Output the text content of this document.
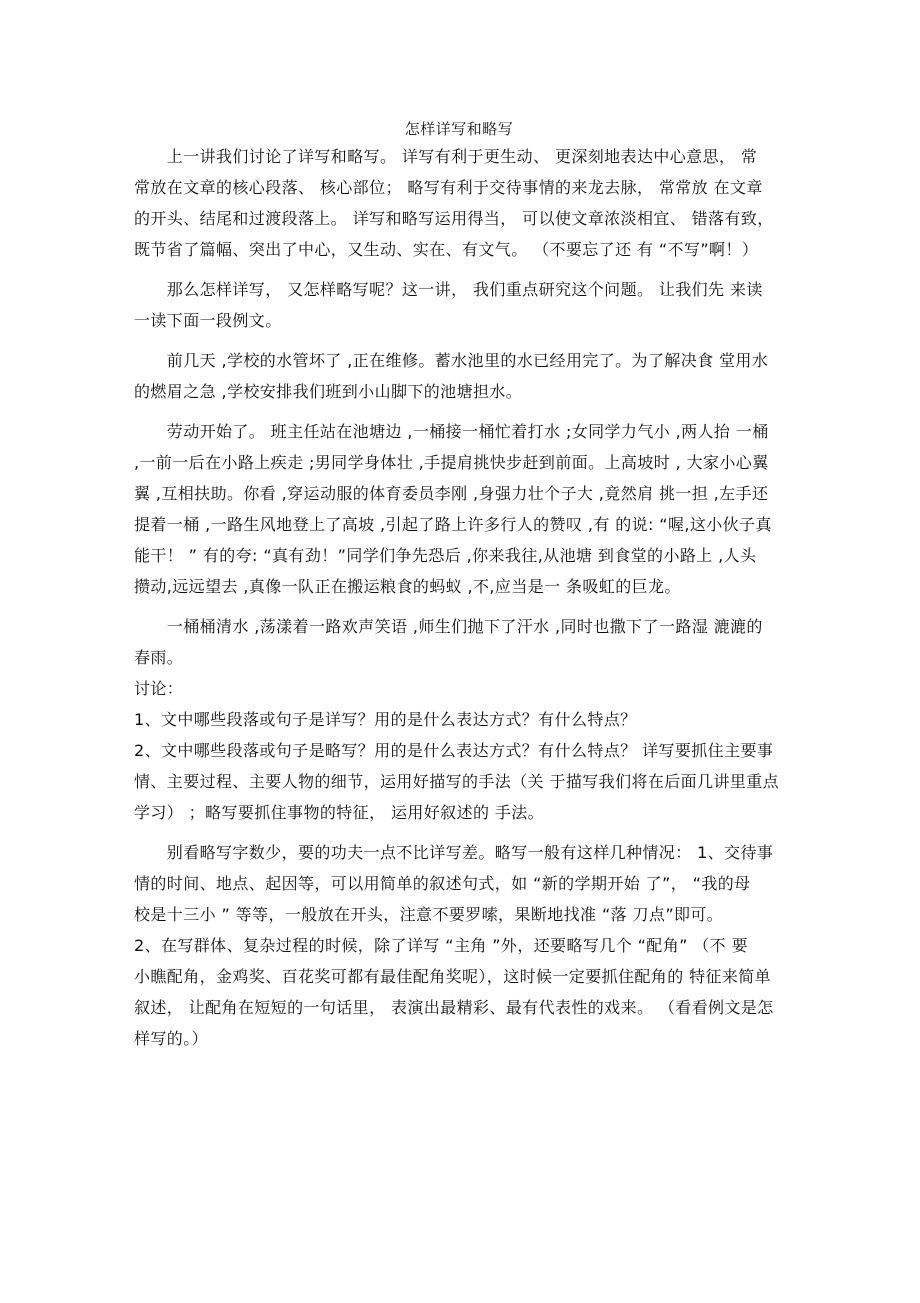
怎样详写和略写
　　上一讲我们讨论了详写和略写。 详写有利于更生动、 更深刻地表达中心意思， 常
常放在文章的核心段落、 核心部位； 略写有利于交待事情的来龙去脉， 常常放 在文章
的开头、结尾和过渡段落上。 详写和略写运用得当， 可以使文章浓淡相宜、 错落有致，
既节省了篇幅、突出了中心，又生动、实在、有文气。 （不要忘了还 有 “不写”啊！）
　　那么怎样详写， 又怎样略写呢？这一讲， 我们重点研究这个问题。 让我们先 来读
一读下面一段例文。
　　前几天 ,学校的水管坏了 ,正在维修。蓄水池里的水已经用完了。为了解决食 堂用水
的燃眉之急 ,学校安排我们班到小山脚下的池塘担水。
　　劳动开始了。 班主任站在池塘边 ,一桶接一桶忙着打水 ;女同学力气小 ,两人抬 一桶
,一前一后在小路上疾走 ;男同学身体壮 ,手提肩挑快步赶到前面。上高坡时 , 大家小心翼
翼 ,互相扶助。你看 ,穿运动服的体育委员李刚 ,身强力壮个子大 ,竟然肩 挑一担 ,左手还
提着一桶 ,一路生风地登上了高坡 ,引起了路上许多行人的赞叹 ,有 的说: “喔,这小伙子真
能干！ ” 有的夸: “真有劲！”同学们争先恐后 ,你来我往,从池塘 到食堂的小路上 ,人头
攒动,远远望去 ,真像一队正在搬运粮食的蚂蚁 ,不,应当是一 条吸虹的巨龙。
　　一桶桶清水 ,荡漾着一路欢声笑语 ,师生们抛下了汗水 ,同时也撒下了一路湿 漉漉的
春雨。
讨论：
1、文中哪些段落或句子是详写？用的是什么表达方式？有什么特点？
2、文中哪些段落或句子是略写？用的是什么表达方式？有什么特点？ 详写要抓住主要事
情、主要过程、主要人物的细节，运用好描写的手法（关 于描写我们将在后面几讲里重点
学习） ；略写要抓住事物的特征， 运用好叙述的 手法。
　　别看略写字数少，要的功夫一点不比详写差。略写一般有这样几种情况： 1、交待事
情的时间、地点、起因等，可以用简单的叙述句式，如 “新的学期开始 了”， “我的母
校是十三小 ” 等等，一般放在开头，注意不要罗嗦，果断地找准 “落 刀点”即可。
2、在写群体、复杂过程的时候，除了详写 “主角 ”外，还要略写几个 “配角” （不 要
小瞧配角，金鸡奖、百花奖可都有最佳配角奖呢），这时候一定要抓住配角的 特征来简单
叙述， 让配角在短短的一句话里， 表演出最精彩、最有代表性的戏来。 （看看例文是怎
样写的。）
